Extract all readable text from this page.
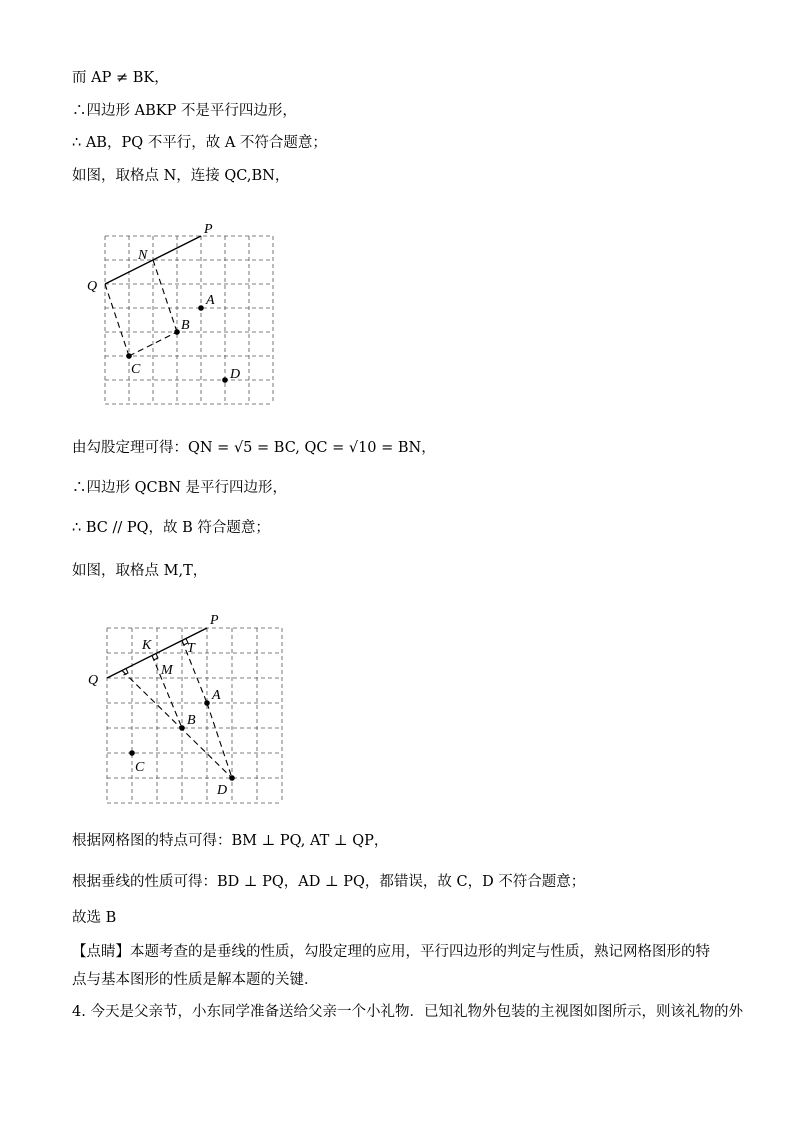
而 AP ≠ BK，
∴四边形 ABKP 不是平行四边形，
∴ AB，PQ 不平行，故 A 不符合题意；
如图，取格点 N，连接 QC,BN，
P
N
Q
A
B
C	D
由勾股定理可得：QN = √5 = BC, QC = √10 = BN，
∴四边形 QCBN 是平行四边形，
∴ BC // PQ，故 B 符合题意；
如图，取格点 M,T，
P
K	T
M
Q
A
B
C
D
根据网格图的特点可得：BM ⊥ PQ, AT ⊥ QP，
根据垂线的性质可得：BD ⊥ PQ，AD ⊥ PQ，都错误，故 C，D 不符合题意；
故选 B
【点睛】本题考查的是垂线的性质，勾股定理的应用，平行四边形的判定与性质，熟记网格图形的特点与基本图形的性质是解本题的关键．
4. 今天是父亲节，小东同学准备送给父亲一个小礼物．已知礼物外包装的主视图如图所示，则该礼物的外
